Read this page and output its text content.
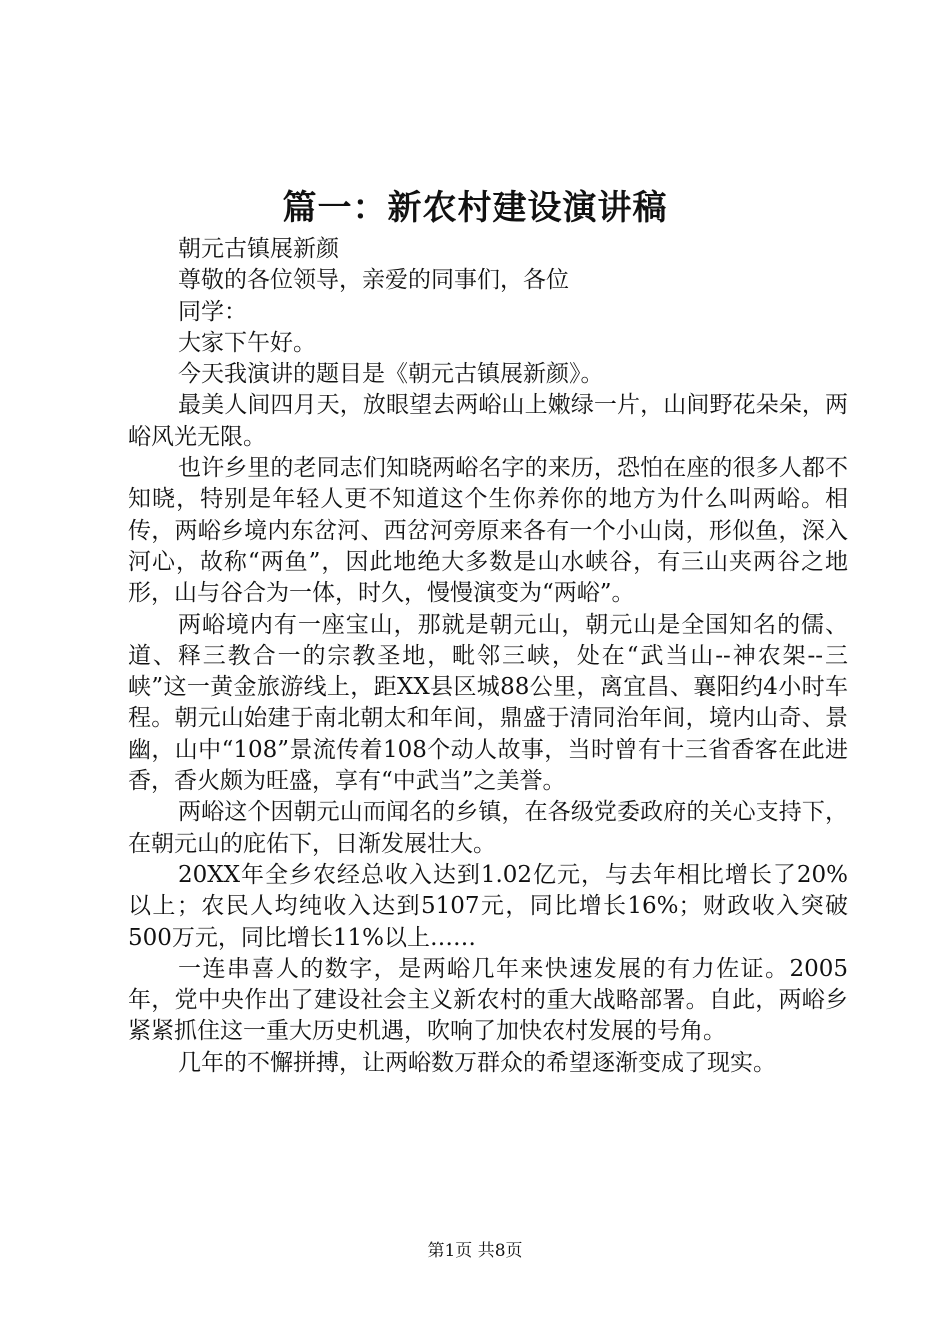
篇一：新农村建设演讲稿

朝元古镇展新颜

尊敬的各位领导，亲爱的同事们，各位

同学：

大家下午好。

今天我演讲的题目是《朝元古镇展新颜》。

最美人间四月天，放眼望去两峪山上嫩绿一片，山间野花朵朵，两峪风光无限。

也许乡里的老同志们知晓两峪名字的来历，恐怕在座的很多人都不知晓，特别是年轻人更不知道这个生你养你的地方为什么叫两峪。相传，两峪乡境内东岔河、西岔河旁原来各有一个小山岗，形似鱼，深入河心，故称“两鱼”，因此地绝大多数是山水峡谷，有三山夹两谷之地形，山与谷合为一体，时久，慢慢演变为“两峪”。

两峪境内有一座宝山，那就是朝元山，朝元山是全国知名的儒、道、释三教合一的宗教圣地，毗邻三峡，处在“武当山--神农架--三峡”这一黄金旅游线上，距XX县区城88公里，离宜昌、襄阳约4小时车程。朝元山始建于南北朝太和年间，鼎盛于清同治年间，境内山奇、景幽，山中“108”景流传着108个动人故事，当时曾有十三省香客在此进香，香火颇为旺盛，享有“中武当”之美誉。

两峪这个因朝元山而闻名的乡镇，在各级党委政府的关心支持下，在朝元山的庇佑下，日渐发展壮大。

20XX年全乡农经总收入达到1.02亿元，与去年相比增长了20%以上；农民人均纯收入达到5107元，同比增长16%；财政收入突破500万元，同比增长11%以上……

一连串喜人的数字，是两峪几年来快速发展的有力佐证。2005年，党中央作出了建设社会主义新农村的重大战略部署。自此，两峪乡紧紧抓住这一重大历史机遇，吹响了加快农村发展的号角。

几年的不懈拼搏，让两峪数万群众的希望逐渐变成了现实。

第1页 共8页
